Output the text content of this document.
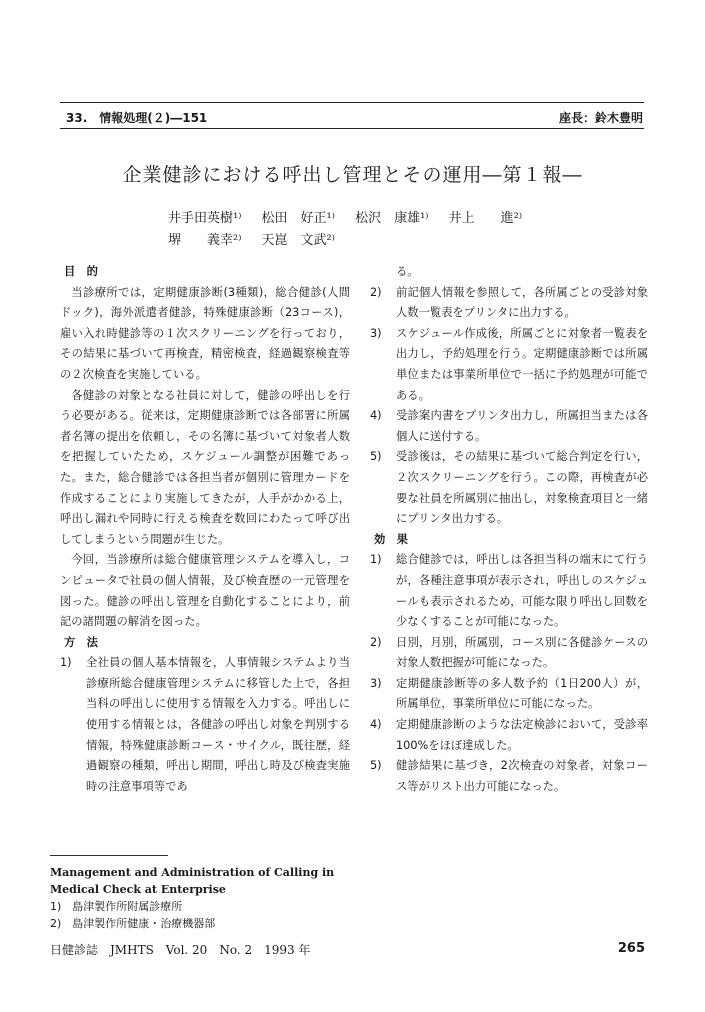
33.　情報処理(２)―151	座長：鈴木豊明
企業健診における呼出し管理とその運用―第１報―
井手田英樹¹⁾ 松田　好正¹⁾ 松沢　康雄¹⁾ 井上　　進²⁾
堺　　義幸²⁾ 天崑　文武²⁾
目　的
当診療所では，定期健康診断(3種類)，総合健診(人間ドック)，海外派遣者健診，特殊健康診断（23コース)，雇い入れ時健診等の１次スクリーニングを行っており，その結果に基づいて再検査，精密検査，経過観察検査等の２次検査を実施している。
各健診の対象となる社員に対して，健診の呼出しを行う必要がある。従来は，定期健康診断では各部署に所属者名簿の提出を依頼し，その名簿に基づいて対象者人数を把握していたため，スケジュール調整が困難であった。また，総合健診では各担当者が個別に管理カードを作成することにより実施してきたが，人手がかかる上，呼出し漏れや同時に行える検査を数回にわたって呼び出してしまうという問題が生じた。
今回，当診療所は総合健康管理システムを導入し，コンピュータで社員の個人情報，及び検査歴の一元管理を図った。健診の呼出し管理を自動化することにより，前記の諸問題の解消を図った。
方　法
1)	全社員の個人基本情報を，人事情報システムより当診療所総合健康管理システムに移管した上で，各担当科の呼出しに使用する情報を入力する。呼出しに使用する情報とは，各健診の呼出し対象を判別する情報，特殊健康診断コース・サイクル，既往歴，経過観察の種類，呼出し期間，呼出し時及び検査実施時の注意事項等であ
る。
2)	前記個人情報を参照して，各所属ごとの受診対象人数一覧表をプリンタに出力する。
3)	スケジュール作成後，所属ごとに対象者一覧表を出力し，予約処理を行う。定期健康診断では所属単位または事業所単位で一括に予約処理が可能である。
4)	受診案内書をプリンタ出力し，所属担当または各個人に送付する。
5)	受診後は，その結果に基づいて総合判定を行い，２次スクリーニングを行う。この際，再検査が必要な社員を所属別に抽出し，対象検査項目と一緒にプリンタ出力する。
効　果
1)	総合健診では，呼出しは各担当科の端末にて行うが，各種注意事項が表示され，呼出しのスケジュールも表示されるため，可能な限り呼出し回数を少なくすることが可能になった。
2)	日別，月別，所属別，コース別に各健診ケースの対象人数把握が可能になった。
3)	定期健康診断等の多人数予約（1日200人）が，所属単位，事業所単位に可能になった。
4)	定期健康診断のような法定検診において，受診率100%をほぼ達成した。
5)	健診結果に基づき，2次検査の対象者，対象コース等がリスト出力可能になった。
Management and Administration of Calling in Medical Check at Enterprise
1)　島津製作所附属診療所
2)　島津製作所健康・治療機器部
日健診誌　JMHTS　Vol. 20　No. 2　1993 年	265
